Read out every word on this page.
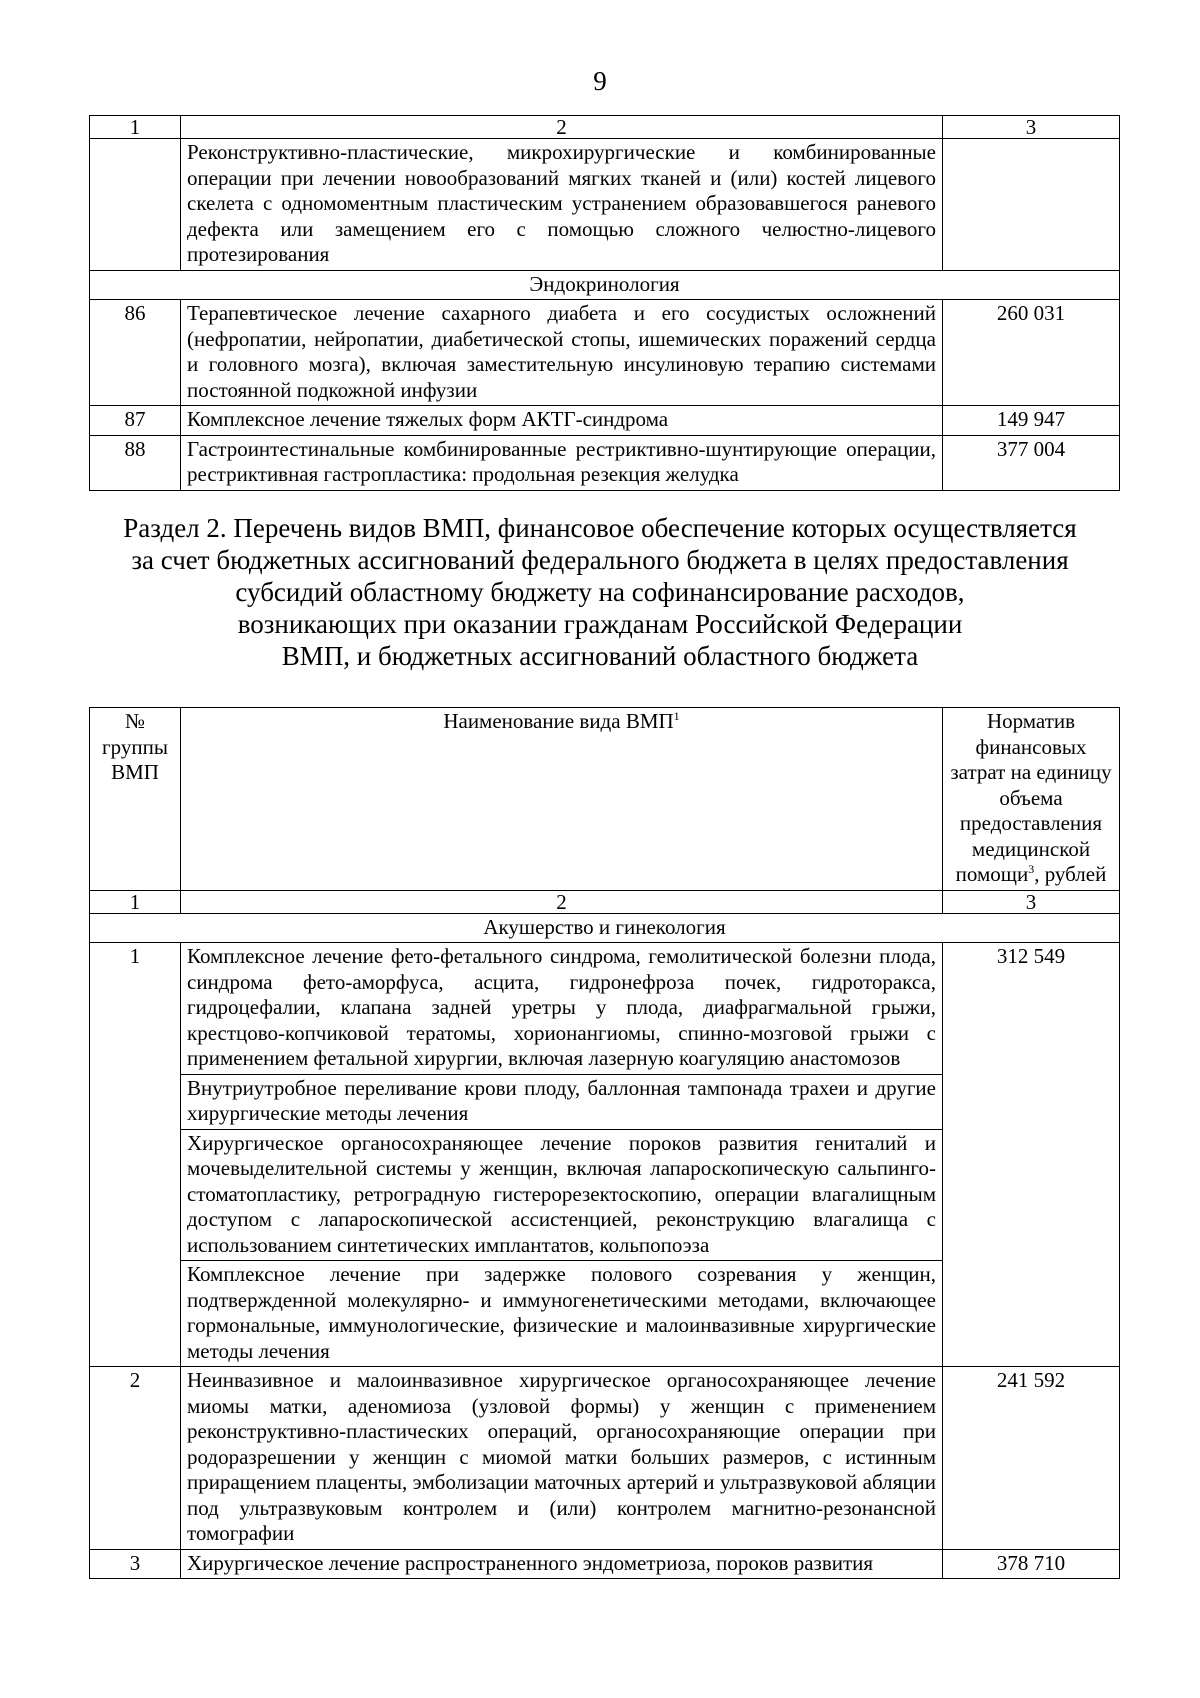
9
1	2	3
	Реконструктивно-пластические, микрохирургические и комбинированные операции при лечении новообразований мягких тканей и (или) костей лицевого скелета с одномоментным пластическим устранением образовавшегося раневого дефекта или замещением его с помощью сложного челюстно-лицевого протезирования	
Эндокринология		
86	Терапевтическое лечение сахарного диабета и его сосудистых осложнений (нефропатии, нейропатии, диабетической стопы, ишемических поражений сердца и головного мозга), включая заместительную инсулиновую терапию системами постоянной подкожной инфузии	260 031
87	Комплексное лечение тяжелых форм АКТГ-синдрома	149 947
88	Гастроинтестинальные комбинированные рестриктивно-шунтирующие операции, рестриктивная гастропластика: продольная резекция желудка	377 004
Раздел 2. Перечень видов ВМП, финансовое обеспечение которых осуществляется
за счет бюджетных ассигнований федерального бюджета в целях предоставления
субсидий областному бюджету на софинансирование расходов,
возникающих при оказании гражданам Российской Федерации
ВМП, и бюджетных ассигнований областного бюджета
№ группы ВМП	Наименование вида ВМП$^1$	Норматив финансовых затрат на единицу объема предоставления медицинской помощи$^3$, рублей
1	2	3
Акушерство и гинекология		
1	Комплексное лечение фето-фетального синдрома, гемолитической болезни плода, синдрома фето-аморфуса, асцита, гидронефроза почек, гидроторакса, гидроцефалии, клапана задней уретры у плода, диафрагмальной грыжи, крестцово-копчиковой тератомы, хорионангиомы, спинно-мозговой грыжи с применением фетальной хирургии, включая лазерную коагуляцию анастомозов	312 549
	Внутриутробное переливание крови плоду, баллонная тампонада трахеи и другие хирургические методы лечения	
	Хирургическое органосохраняющее лечение пороков развития гениталий и мочевыделительной системы у женщин, включая лапароскопическую сальпинго-стоматопластику, ретроградную гистерорезектоскопию, операции влагалищным доступом с лапароскопической ассистенцией, реконструкцию влагалища с использованием синтетических имплантатов, кольпопоэза	
	Комплексное лечение при задержке полового созревания у женщин, подтвержденной молекулярно- и иммуногенетическими методами, включающее гормональные, иммунологические, физические и малоинвазивные хирургические методы лечения	
2	Неинвазивное и малоинвазивное хирургическое органосохраняющее лечение миомы матки, аденомиоза (узловой формы) у женщин с применением реконструктивно-пластических операций, органосохраняющие операции при родоразрешении у женщин с миомой матки больших размеров, с истинным приращением плаценты, эмболизации маточных артерий и ультразвуковой абляции под ультразвуковым контролем и (или) контролем магнитно-резонансной томографии	241 592
3	Хирургическое лечение распространенного эндометриоза, пороков развития	378 710
